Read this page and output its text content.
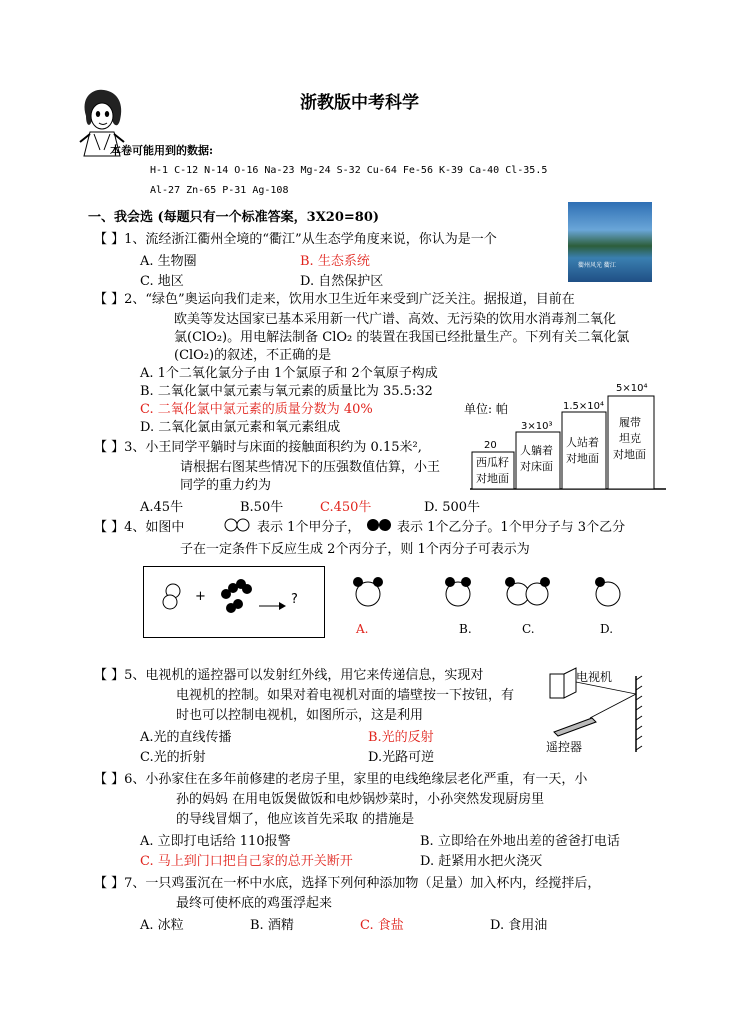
浙教版中考科学
本卷可能用到的数据:
H-1 C-12 N-14 O-16 Na-23 Mg-24 S-32 Cu-64 Fe-56 K-39 Ca-40 Cl-35.5
Al-27 Zn-65 P-31 Ag-108
一、我会选 (每题只有一个标准答案，3X20=80)
【 】1、流经浙江衢州全境的“衢江”从生态学角度来说，你认为是一个
A. 生物圈	B. 生态系统
C. 地区	D. 自然保护区
衢州风光 衢江
【 】2、“绿色”奥运向我们走来，饮用水卫生近年来受到广泛关注。据报道，目前在
欧美等发达国家已基本采用新一代广谱、高效、无污染的饮用水消毒剂二氧化
氯(ClO₂)。用电解法制备 ClO₂ 的装置在我国已经批量生产。下列有关二氧化氯
(ClO₂)的叙述，不正确的是
A. 1个二氧化氯分子由 1个氯原子和 2个氧原子构成
B. 二氧化氯中氯元素与氧元素的质量比为 35.5:32
C. 二氧化氯中氯元素的质量分数为 40%
D. 二氧化氯由氯元素和氧元素组成
单位: 帕
20
3×10³
1.5×10⁴
5×10⁴
西瓜籽
对地面
人躺着
对床面
人站着
对地面
履带
坦克
对地面
【 】3、小王同学平躺时与床面的接触面积约为 0.15米²,
请根据右图某些情况下的压强数值估算，小王
同学的重力约为
A.45牛	B.50牛	C.450牛	D. 500牛
【 】4、如图中	表示 1个甲分子，	表示 1个乙分子。1个甲分子与 3个乙分
子在一定条件下反应生成 2个丙分子，则 1个丙分子可表示为
+	?
A.	B.	C.	D.
【 】5、电视机的遥控器可以发射红外线，用它来传递信息，实现对
电视机的控制。如果对着电视机对面的墙壁按一下按钮，有
时也可以控制电视机，如图所示，这是利用
A.光的直线传播	B.光的反射
C.光的折射	D.光路可逆
电视机
遥控器
【 】6、小孙家住在多年前修建的老房子里，家里的电线绝缘层老化严重，有一天，小
孙的妈妈 在用电饭煲做饭和电炒锅炒菜时，小孙突然发现厨房里
的导线冒烟了，他应该首先采取 的措施是
A. 立即打电话给 110报警	B. 立即给在外地出差的爸爸打电话
C. 马上到门口把自己家的总开关断开	D. 赶紧用水把火浇灭
【 】7、一只鸡蛋沉在一杯中水底，选择下列何种添加物（足量）加入杯内，经搅拌后，
最终可使杯底的鸡蛋浮起来
A. 冰粒	B. 酒精	C. 食盐	D. 食用油
